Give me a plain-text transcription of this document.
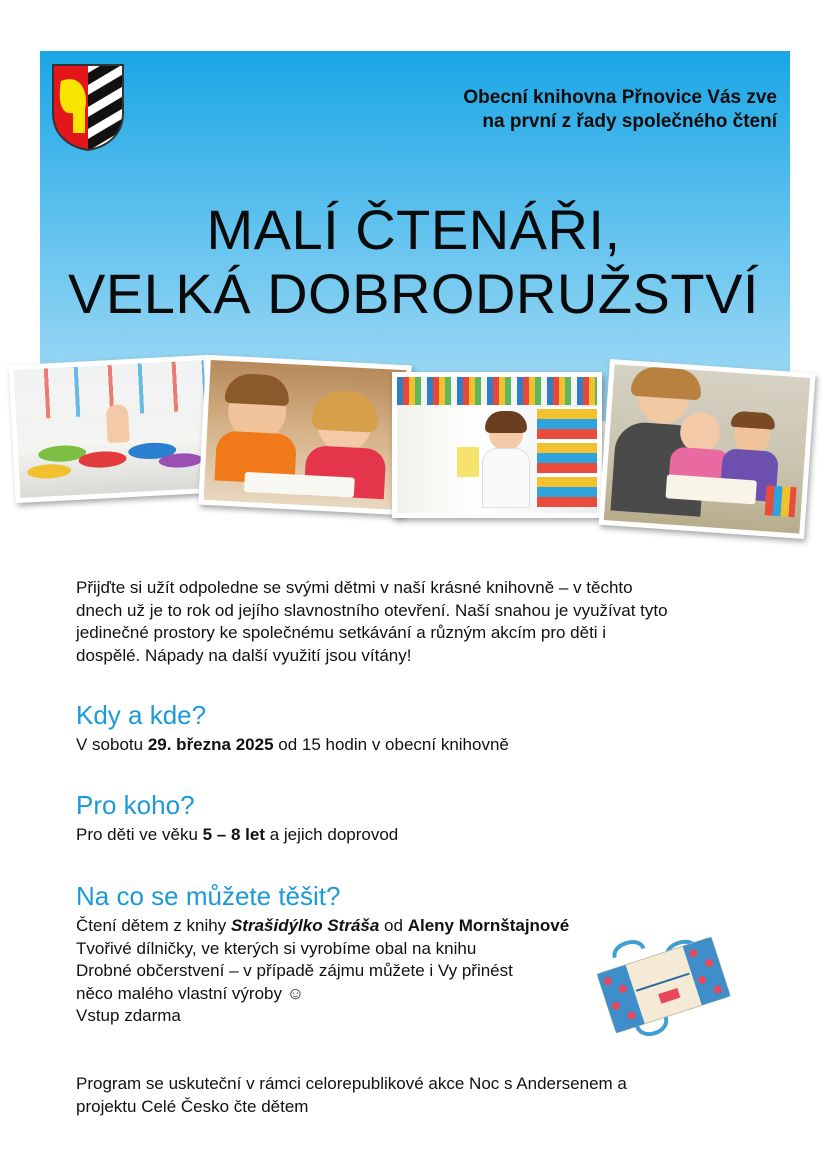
Obecní knihovna Přnovice Vás zve
na první z řady společného čtení
MALÍ ČTENÁŘI,
VELKÁ DOBRODRUŽSTVÍ
Přijďte si užít odpoledne se svými dětmi v naší krásné knihovně – v těchto
dnech už je to rok od jejího slavnostního otevření. Naší snahou je využívat tyto
jedinečné prostory ke společnému setkávání a různým akcím pro děti i
dospělé. Nápady na další využití jsou vítány!
Kdy a kde?
V sobotu 29. března 2025 od 15 hodin v obecní knihovně
Pro koho?
Pro děti ve věku 5 – 8 let a jejich doprovod
Na co se můžete těšit?
Čtení dětem z knihy Strašidýlko Stráša od Aleny Mornštajnové
Tvořivé dílničky, ve kterých si vyrobíme obal na knihu
Drobné občerstvení – v případě zájmu můžete i Vy přinést
něco malého vlastní výroby ☺
Vstup zdarma
Program se uskuteční v rámci celorepublikové akce Noc s Andersenem a
projektu Celé Česko čte dětem
